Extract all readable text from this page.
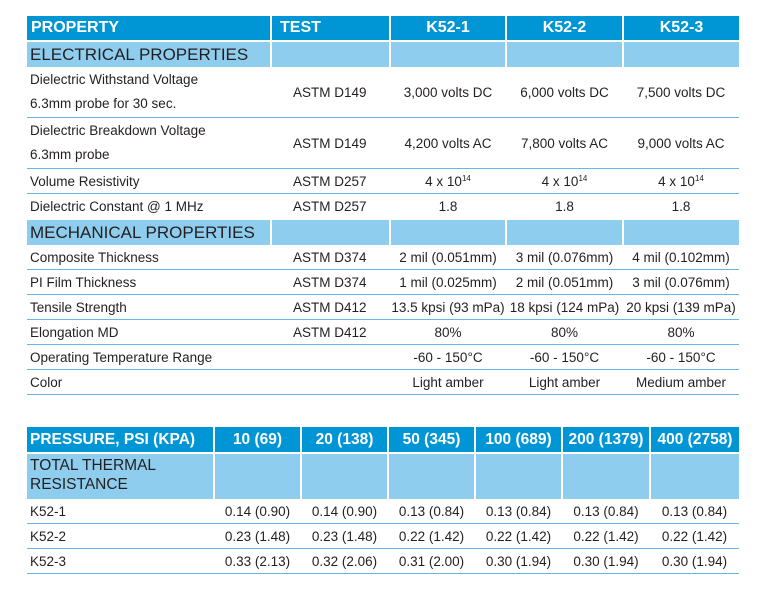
PROPERTY	TEST	K52-1	K52-2	K52-3
ELECTRICAL PROPERTIES				

Dielectric Withstand Voltage
6.3mm probe for 30 sec.	ASTM D149	3,000 volts DC	6,000 volts DC	7,500 volts DC

Dielectric Breakdown Voltage
6.3mm probe	ASTM D149	4,200 volts AC	7,800 volts AC	9,000 volts AC
Volume Resistivity	ASTM D257	4 x $10^{14}$	4 x $10^{14}$	4 x $10^{14}$
Dielectric Constant @ 1 MHz	ASTM D257	1.8	1.8	1.8
MECHANICAL PROPERTIES				
Composite Thickness	ASTM D374	2 mil (0.051mm)	3 mil (0.076mm)	4 mil (0.102mm)
PI Film Thickness	ASTM D374	1 mil (0.025mm)	2 mil (0.051mm)	3 mil (0.076mm)
Tensile Strength	ASTM D412	13.5 kpsi (93 mPa)	18 kpsi (124 mPa)	20 kpsi (139 mPa)
Elongation MD	ASTM D412	80%	80%	80%
Operating Temperature Range		-60 - 150°C	-60 - 150°C	-60 - 150°C
Color		Light amber	Light amber	Medium amber
PRESSURE, PSI (KPA)	10 (69)	20 (138)	50 (345)	100 (689)	200 (1379)	400 (2758)
TOTAL THERMAL RESISTANCE						
K52-1	0.14 (0.90)	0.14 (0.90)	0.13 (0.84)	0.13 (0.84)	0.13 (0.84)	0.13 (0.84)
K52-2	0.23 (1.48)	0.23 (1.48)	0.22 (1.42)	0.22 (1.42)	0.22 (1.42)	0.22 (1.42)
K52-3	0.33 (2.13)	0.32 (2.06)	0.31 (2.00)	0.30 (1.94)	0.30 (1.94)	0.30 (1.94)
